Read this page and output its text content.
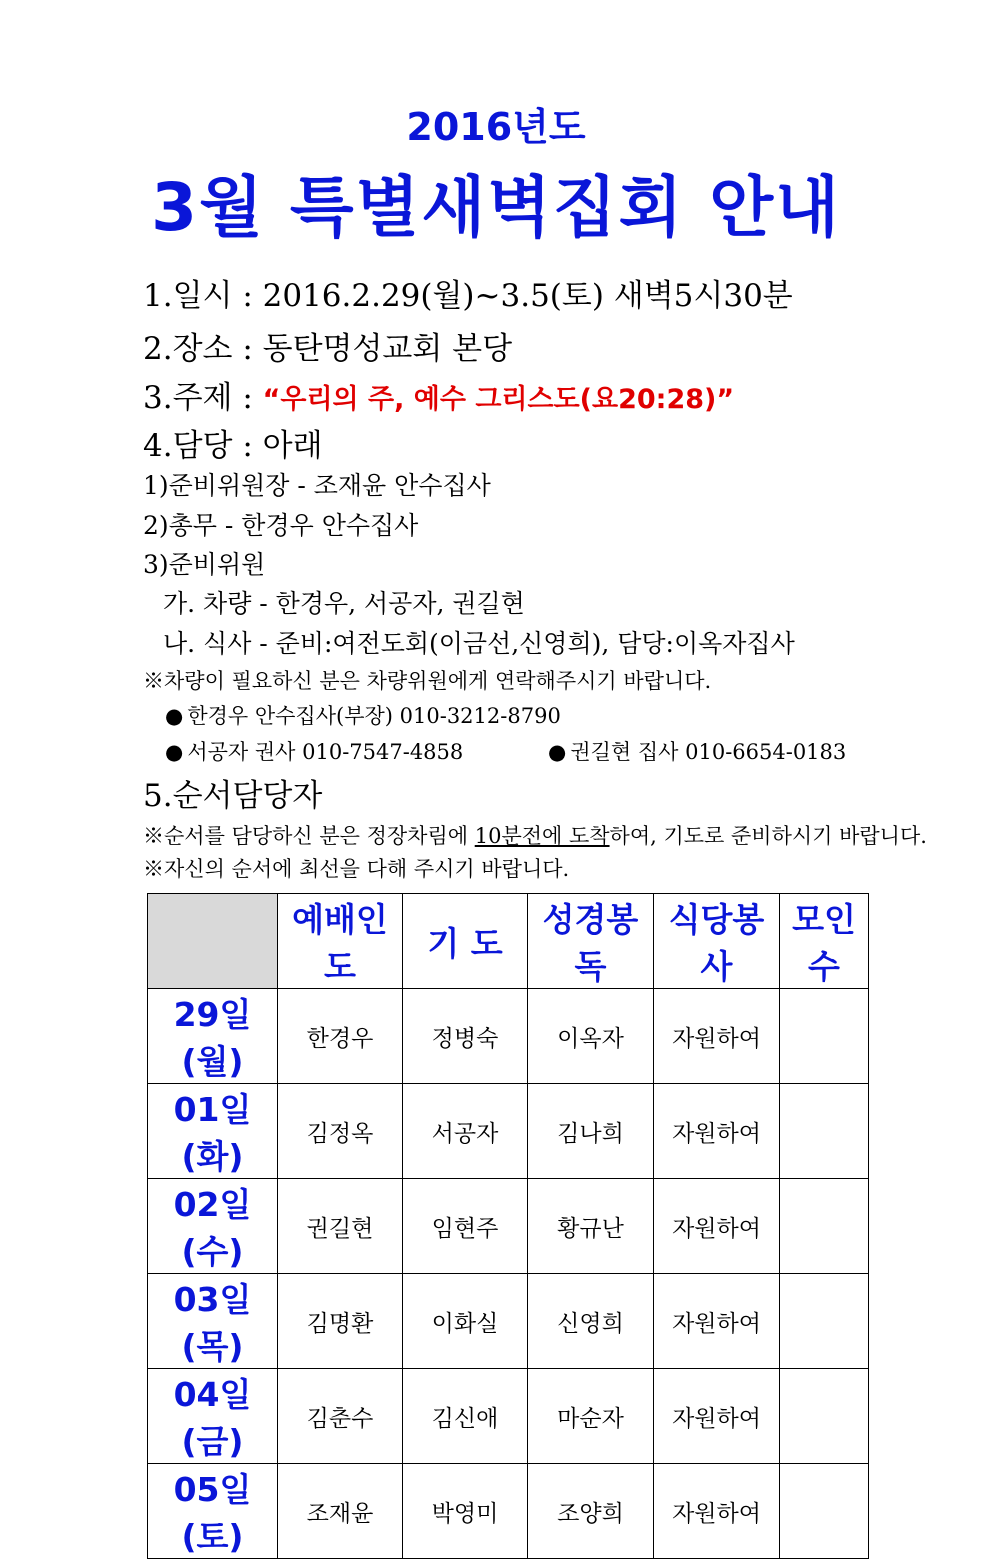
2016년도
3월 특별새벽집회 안내
1.일시 : 2016.2.29(월)~3.5(토) 새벽5시30분
2.장소 : 동탄명성교회 본당
3.주제 : “우리의 주, 예수 그리스도(요20:28)”
4.담당 : 아래
1)준비위원장 - 조재윤 안수집사
2)총무 - 한경우 안수집사
3)준비위원
가. 차량 - 한경우, 서공자, 권길현
나. 식사 - 준비:여전도회(이금선,신영희), 담당:이옥자집사
※차량이 필요하신 분은 차량위원에게 연락해주시기 바랍니다.
● 한경우 안수집사(부장) 010-3212-8790
● 서공자 권사 010-7547-4858	● 권길현 집사 010-6654-0183
5.순서담당자
※순서를 담당하신 분은 정장차림에 10분전에 도착하여, 기도로 준비하시기 바랍니다.
※자신의 순서에 최선을 다해 주시기 바랍니다.
	예배인도	기 도	성경봉독	식당봉사	모인수
29일(월)	한경우	정병숙	이옥자	자원하여	
01일(화)	김정옥	서공자	김나희	자원하여	
02일(수)	권길현	임현주	황규난	자원하여	
03일(목)	김명환	이화실	신영희	자원하여	
04일(금)	김춘수	김신애	마순자	자원하여	
05일(토)	조재윤	박영미	조양희	자원하여	
